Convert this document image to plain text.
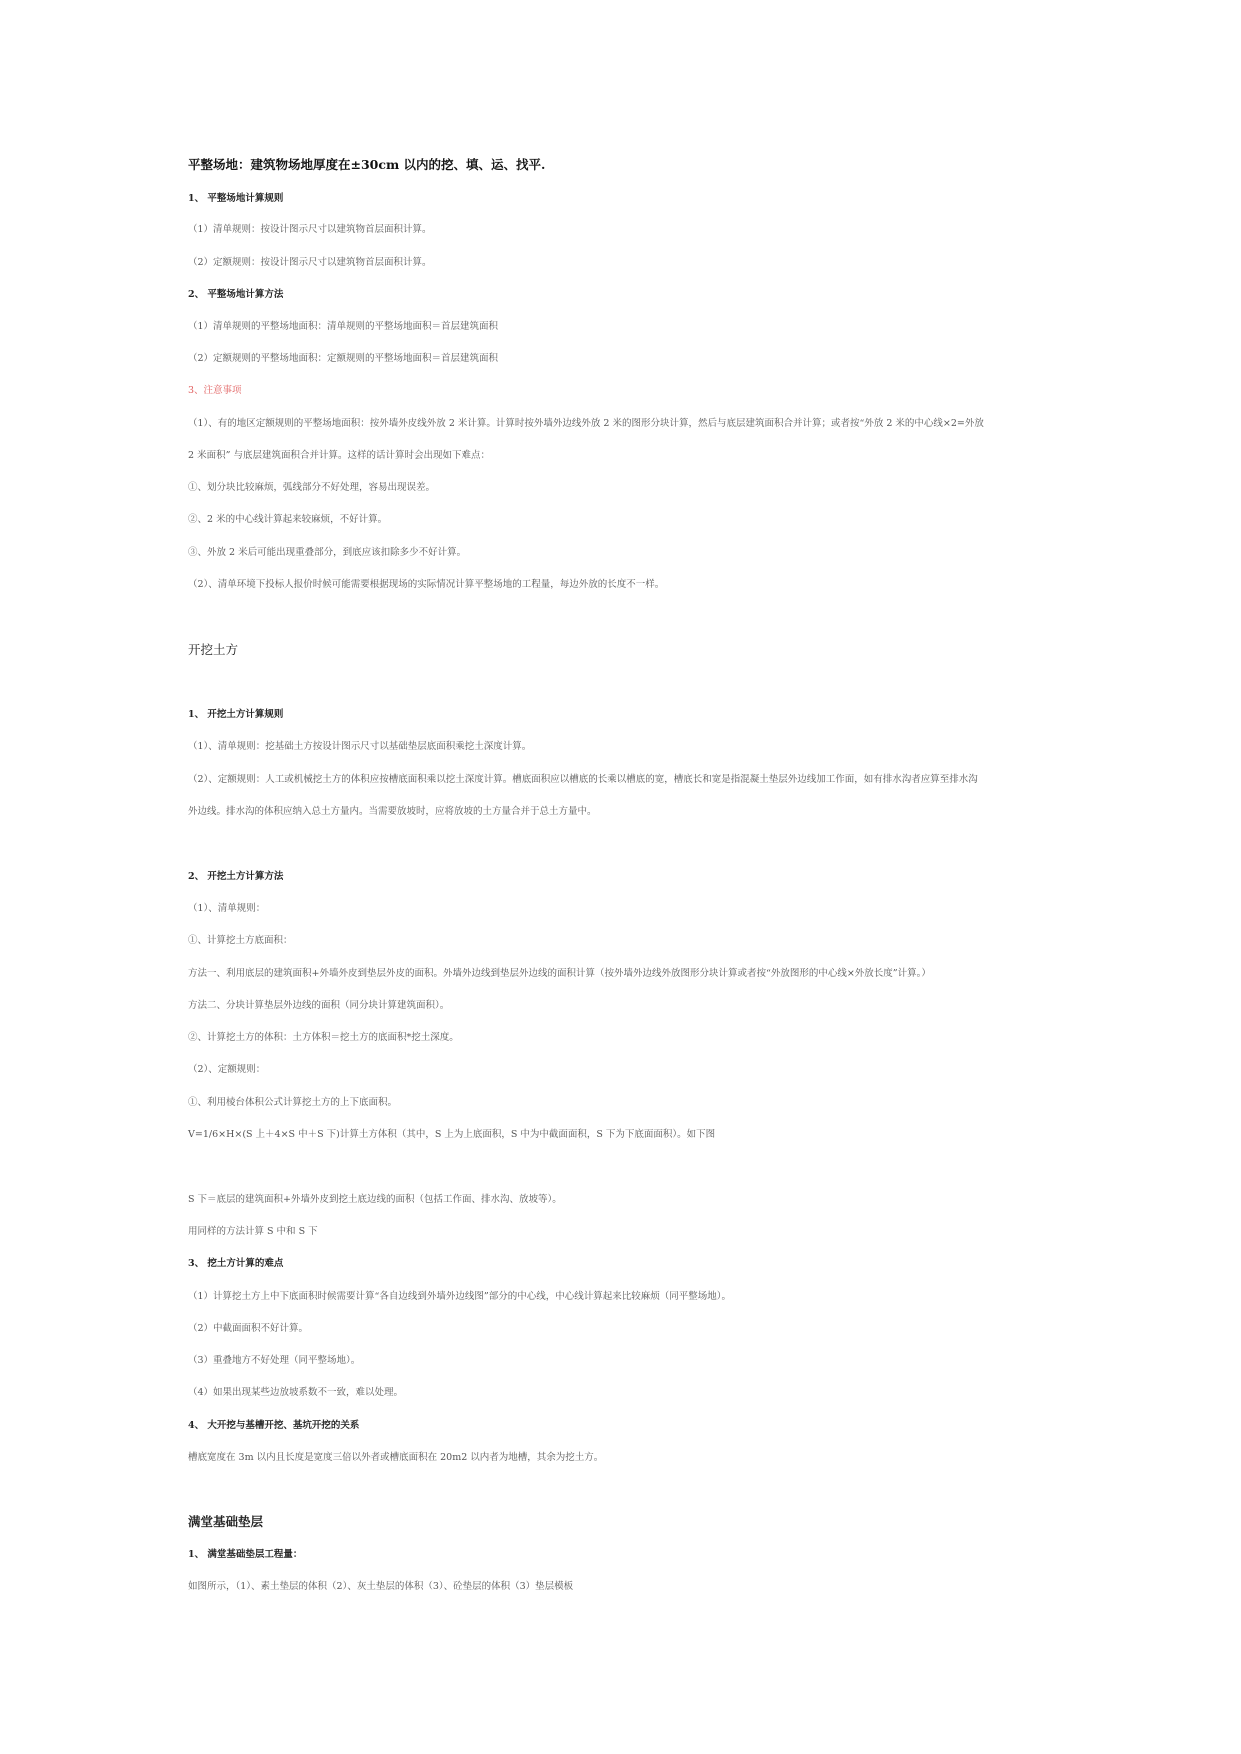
平整场地：建筑物场地厚度在±30cm 以内的挖、填、运、找平.
1、 平整场地计算规则
（1）清单规则：按设计图示尺寸以建筑物首层面积计算。
（2）定额规则：按设计图示尺寸以建筑物首层面积计算。
2、 平整场地计算方法
（1）清单规则的平整场地面积：清单规则的平整场地面积＝首层建筑面积
（2）定额规则的平整场地面积：定额规则的平整场地面积＝首层建筑面积
3、注意事项
（1）、有的地区定额规则的平整场地面积：按外墙外皮线外放 2 米计算。计算时按外墙外边线外放 2 米的图形分块计算，然后与底层建筑面积合并计算；或者按“外放 2 米的中心线×2=外放
2 米面积” 与底层建筑面积合并计算。这样的话计算时会出现如下难点：
①、划分块比较麻烦，弧线部分不好处理，容易出现误差。
②、2 米的中心线计算起来较麻烦，不好计算。
③、外放 2 米后可能出现重叠部分，到底应该扣除多少不好计算。
（2）、清单环境下投标人报价时候可能需要根据现场的实际情况计算平整场地的工程量，每边外放的长度不一样。
开挖土方
1、 开挖土方计算规则
（1）、清单规则：挖基础土方按设计图示尺寸以基础垫层底面积乘挖土深度计算。
（2）、定额规则：人工或机械挖土方的体积应按槽底面积乘以挖土深度计算。槽底面积应以槽底的长乘以槽底的宽，槽底长和宽是指混凝土垫层外边线加工作面，如有排水沟者应算至排水沟
外边线。排水沟的体积应纳入总土方量内。当需要放坡时，应将放坡的土方量合并于总土方量中。
2、 开挖土方计算方法
（1）、清单规则：
①、计算挖土方底面积：
方法一、利用底层的建筑面积+外墙外皮到垫层外皮的面积。外墙外边线到垫层外边线的面积计算（按外墙外边线外放图形分块计算或者按“外放图形的中心线×外放长度”计算。）
方法二、分块计算垫层外边线的面积（同分块计算建筑面积）。
②、计算挖土方的体积：土方体积＝挖土方的底面积*挖土深度。
（2）、定额规则：
①、利用棱台体积公式计算挖土方的上下底面积。
V=1/6×H×(S 上＋4×S 中＋S 下)计算土方体积（其中，S 上为上底面积，S 中为中截面面积，S 下为下底面面积）。如下图
S 下＝底层的建筑面积+外墙外皮到挖土底边线的面积（包括工作面、排水沟、放坡等）。
用同样的方法计算 S 中和 S 下
3、 挖土方计算的难点
（1）计算挖土方上中下底面积时候需要计算“各自边线到外墙外边线图”部分的中心线，中心线计算起来比较麻烦（同平整场地）。
（2）中截面面积不好计算。
（3）重叠地方不好处理（同平整场地）。
（4）如果出现某些边放坡系数不一致，难以处理。
4、 大开挖与基槽开挖、基坑开挖的关系
槽底宽度在 3m 以内且长度是宽度三倍以外者或槽底面积在 20m2 以内者为地槽，其余为挖土方。
满堂基础垫层
1、 满堂基础垫层工程量：
如图所示，（1）、素土垫层的体积（2）、灰土垫层的体积（3）、砼垫层的体积（3）垫层模板
